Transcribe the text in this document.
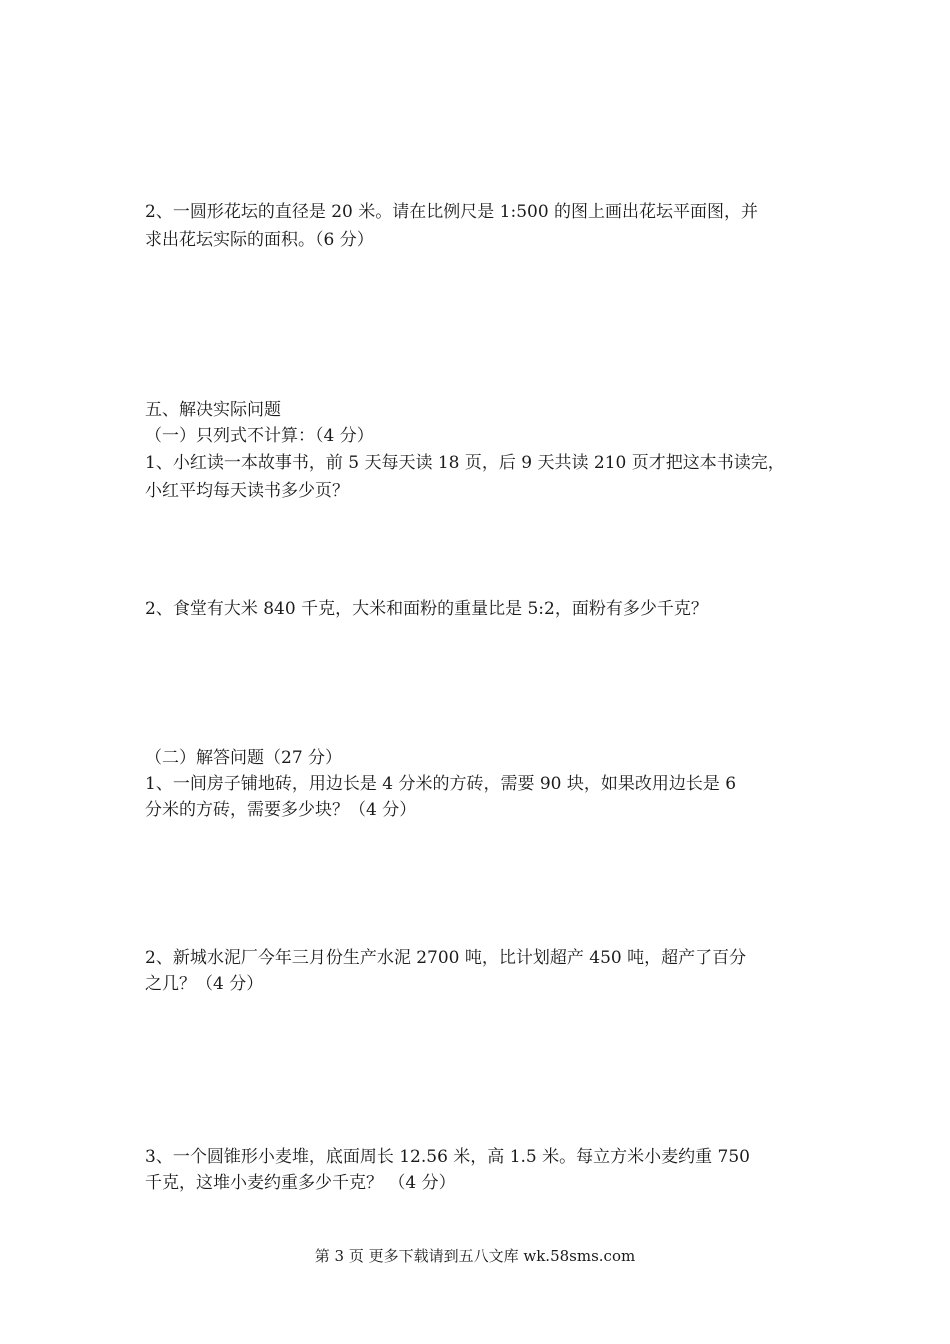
2、一圆形花坛的直径是 20 米。请在比例尺是 1:500 的图上画出花坛平面图，并
求出花坛实际的面积。（6 分）
五、解决实际问题
（一）只列式不计算：（4 分）
1、小红读一本故事书，前 5 天每天读 18 页，后 9 天共读 210 页才把这本书读完，
小红平均每天读书多少页？
2、食堂有大米 840 千克，大米和面粉的重量比是 5:2，面粉有多少千克？
（二）解答问题（27 分）
1、一间房子铺地砖，用边长是 4 分米的方砖，需要 90 块，如果改用边长是 6
分米的方砖，需要多少块？（4 分）
2、新城水泥厂今年三月份生产水泥 2700 吨，比计划超产 450 吨，超产了百分
之几？（4 分）
3、一个圆锥形小麦堆，底面周长 12.56 米，高 1.5 米。每立方米小麦约重 750
千克，这堆小麦约重多少千克？ （4 分）
第 3 页 更多下载请到五八文库 wk.58sms.com
